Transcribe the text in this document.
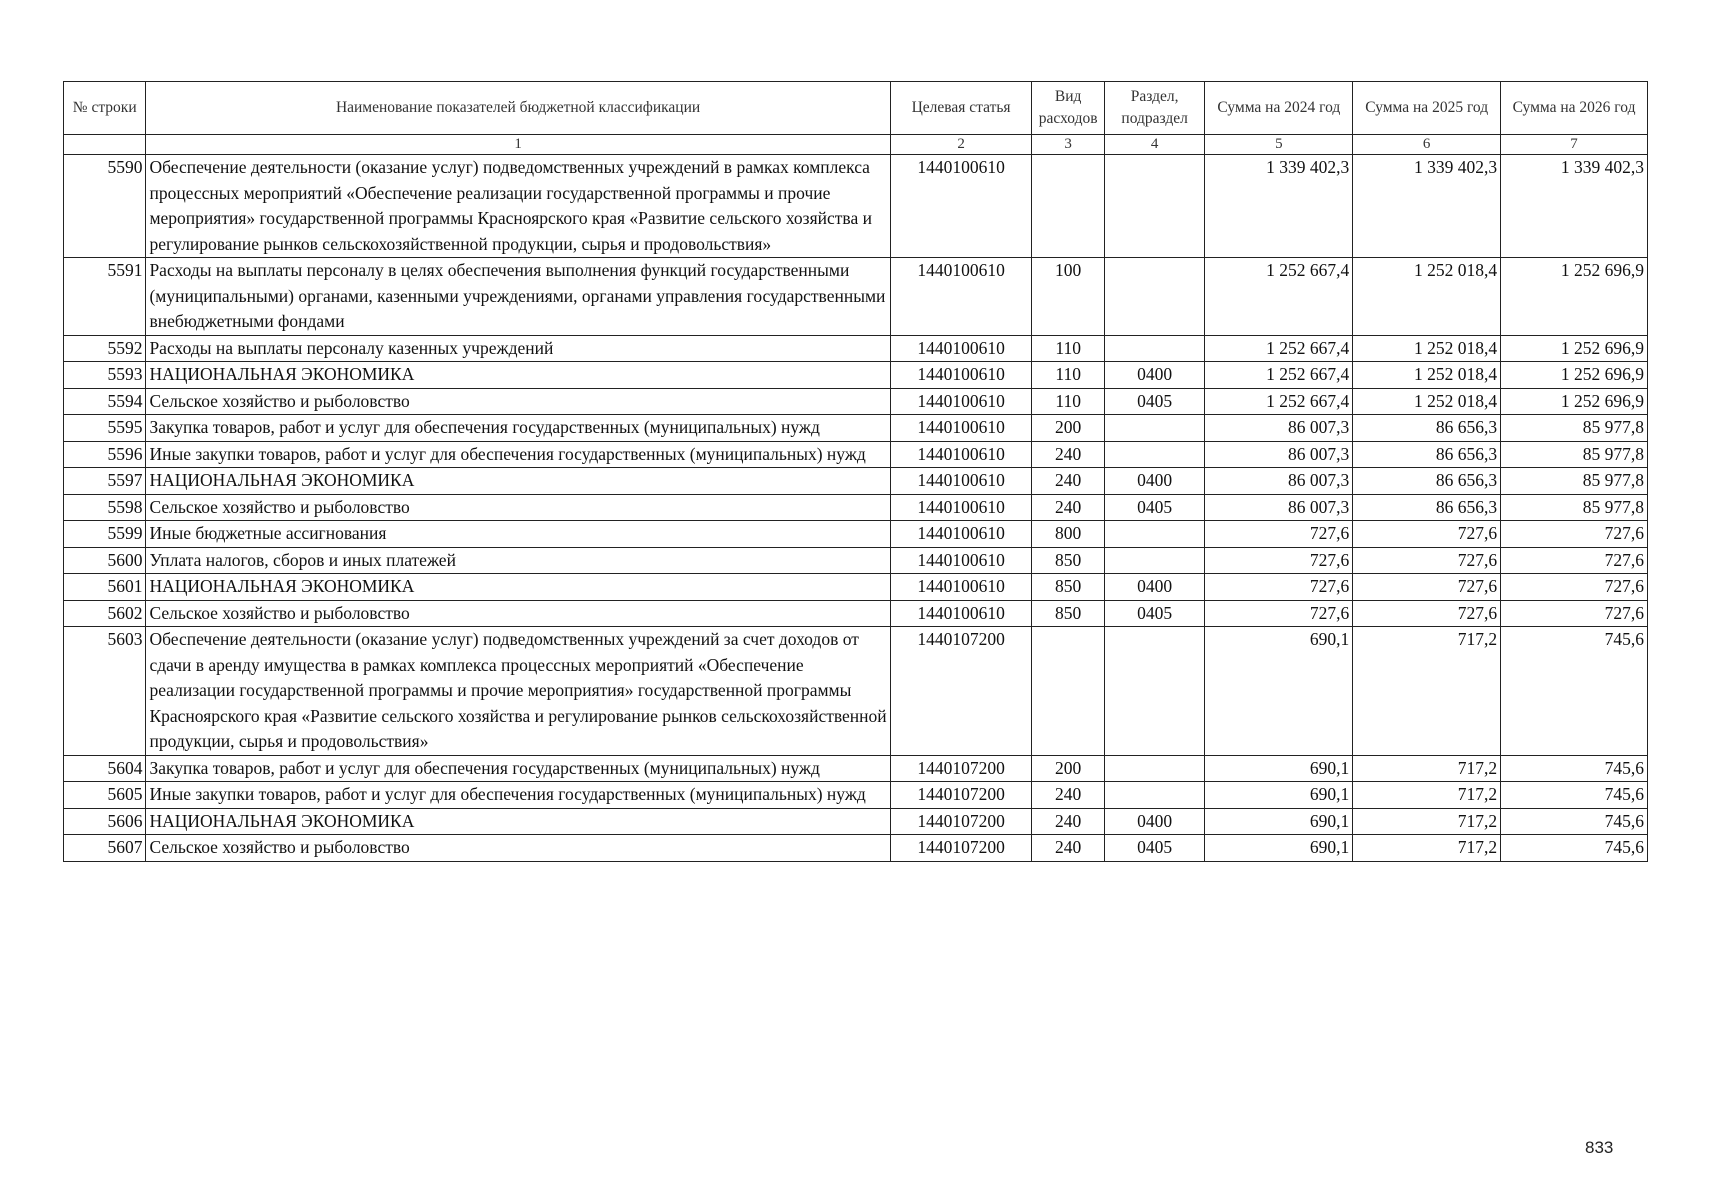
№ строки	Наименование показателей бюджетной классификации	Целевая статья	Вид расходов	Раздел, подраздел	Сумма на 2024 год	Сумма на 2025 год	Сумма на 2026 год
	1	2	3	4	5	6	7
5590	Обеспечение деятельности (оказание услуг) подведомственных учреждений в рамках комплекса процессных мероприятий «Обеспечение реализации государственной программы и прочие мероприятия» государственной программы Красноярского края «Развитие сельского хозяйства и регулирование рынков сельскохозяйственной продукции, сырья и продовольствия»	1440100610			1 339 402,3	1 339 402,3	1 339 402,3
5591	Расходы на выплаты персоналу в целях обеспечения выполнения функций государственными (муниципальными) органами, казенными учреждениями, органами управления государственными внебюджетными фондами	1440100610	100		1 252 667,4	1 252 018,4	1 252 696,9
5592	Расходы на выплаты персоналу казенных учреждений	1440100610	110		1 252 667,4	1 252 018,4	1 252 696,9
5593	НАЦИОНАЛЬНАЯ ЭКОНОМИКА	1440100610	110	0400	1 252 667,4	1 252 018,4	1 252 696,9
5594	Сельское хозяйство и рыболовство	1440100610	110	0405	1 252 667,4	1 252 018,4	1 252 696,9
5595	Закупка товаров, работ и услуг для обеспечения государственных (муниципальных) нужд	1440100610	200		86 007,3	86 656,3	85 977,8
5596	Иные закупки товаров, работ и услуг для обеспечения государственных (муниципальных) нужд	1440100610	240		86 007,3	86 656,3	85 977,8
5597	НАЦИОНАЛЬНАЯ ЭКОНОМИКА	1440100610	240	0400	86 007,3	86 656,3	85 977,8
5598	Сельское хозяйство и рыболовство	1440100610	240	0405	86 007,3	86 656,3	85 977,8
5599	Иные бюджетные ассигнования	1440100610	800		727,6	727,6	727,6
5600	Уплата налогов, сборов и иных платежей	1440100610	850		727,6	727,6	727,6
5601	НАЦИОНАЛЬНАЯ ЭКОНОМИКА	1440100610	850	0400	727,6	727,6	727,6
5602	Сельское хозяйство и рыболовство	1440100610	850	0405	727,6	727,6	727,6
5603	Обеспечение деятельности (оказание услуг) подведомственных учреждений за счет доходов от сдачи в аренду имущества в рамках комплекса процессных мероприятий «Обеспечение реализации государственной программы и прочие мероприятия» государственной программы Красноярского края «Развитие сельского хозяйства и регулирование рынков сельскохозяйственной продукции, сырья и продовольствия»	1440107200			690,1	717,2	745,6
5604	Закупка товаров, работ и услуг для обеспечения государственных (муниципальных) нужд	1440107200	200		690,1	717,2	745,6
5605	Иные закупки товаров, работ и услуг для обеспечения государственных (муниципальных) нужд	1440107200	240		690,1	717,2	745,6
5606	НАЦИОНАЛЬНАЯ ЭКОНОМИКА	1440107200	240	0400	690,1	717,2	745,6
5607	Сельское хозяйство и рыболовство	1440107200	240	0405	690,1	717,2	745,6
833
